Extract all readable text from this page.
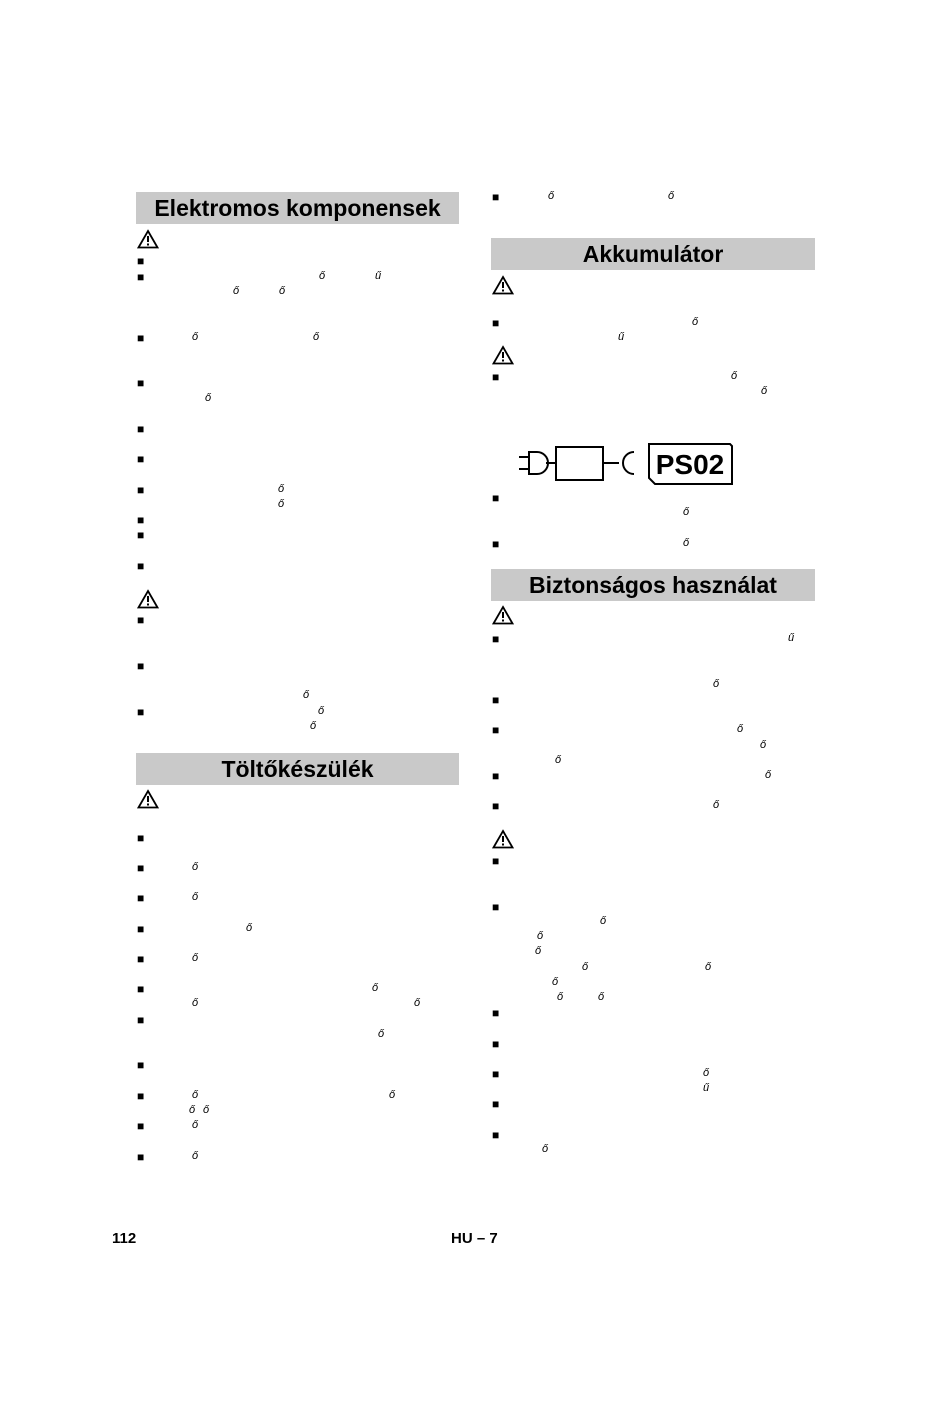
Elektromos komponensek
Töltőkészülék
Akkumulátor
Biztonságos használat
■
■
■
■
■
■
■
■
■
■
■
■
■
■
■
■
■
■
■
■
■
■
■
■
■
■
■
■
■
■
■
■
■
■
■
■
■
■
■
■
■
ő	ű
ő	ő
ő	ő
ő
ő
ő
ő
ő
ő
ő
ő
ő
ő
ő
ő	ő
ő
ő	ő
ő ő
ő
ő
ő	ő
ő
ű
ő
ő
ő
ő
ű
ő
ő
ő
ő
ő
ő
ő
ő
ő
ő	ő
ő
ő	ő
ő
ű
ő
PS02
112	HU – 7
